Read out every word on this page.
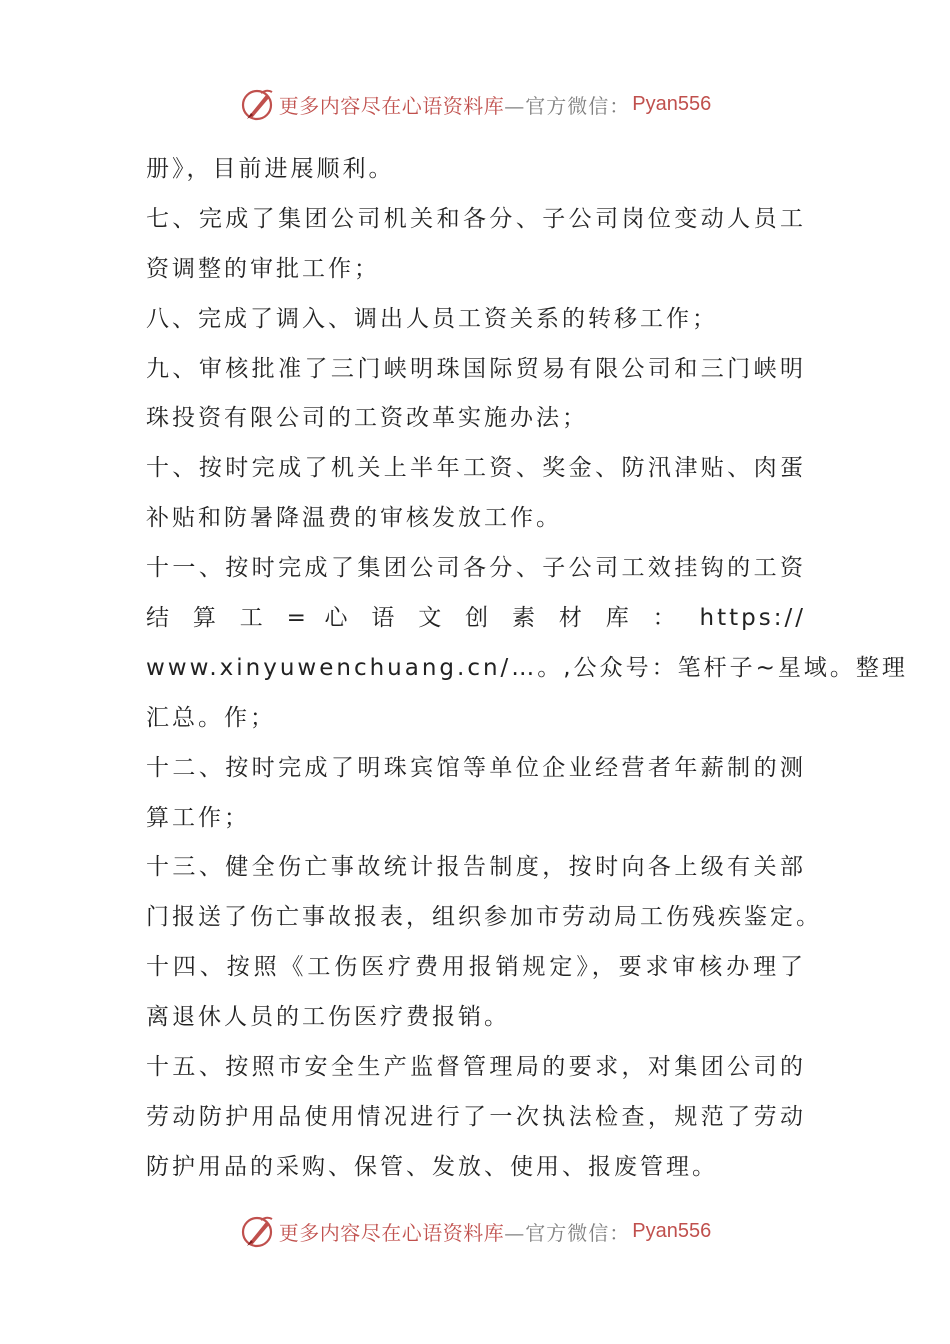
更多内容尽在心语资料库 —官方微信： Pyan556
册》，目前进展顺利。
七、完成了集团公司机关和各分、子公司岗位变动人员工
资调整的审批工作；
八、完成了调入、调出人员工资关系的转移工作；
九、审核批准了三门峡明珠国际贸易有限公司和三门峡明
珠投资有限公司的工资改革实施办法；
十、按时完成了机关上半年工资、奖金、防汛津贴、肉蛋
补贴和防暑降温费的审核发放工作。
十一、按时完成了集团公司各分、子公司工效挂钩的工资
结 算 工 = 心 语 文 创 素 材 库 ： https://
www.xinyuwenchuang.cn/…。,公众号：笔杆子~星域。整理
汇总。作；
十二、按时完成了明珠宾馆等单位企业经营者年薪制的测
算工作；
十三、健全伤亡事故统计报告制度，按时向各上级有关部
门报送了伤亡事故报表，组织参加市劳动局工伤残疾鉴定。
十四、按照《工伤医疗费用报销规定》，要求审核办理了
离退休人员的工伤医疗费报销。
十五、按照市安全生产监督管理局的要求，对集团公司的
劳动防护用品使用情况进行了一次执法检查，规范了劳动
防护用品的采购、保管、发放、使用、报废管理。
更多内容尽在心语资料库 —官方微信： Pyan556
